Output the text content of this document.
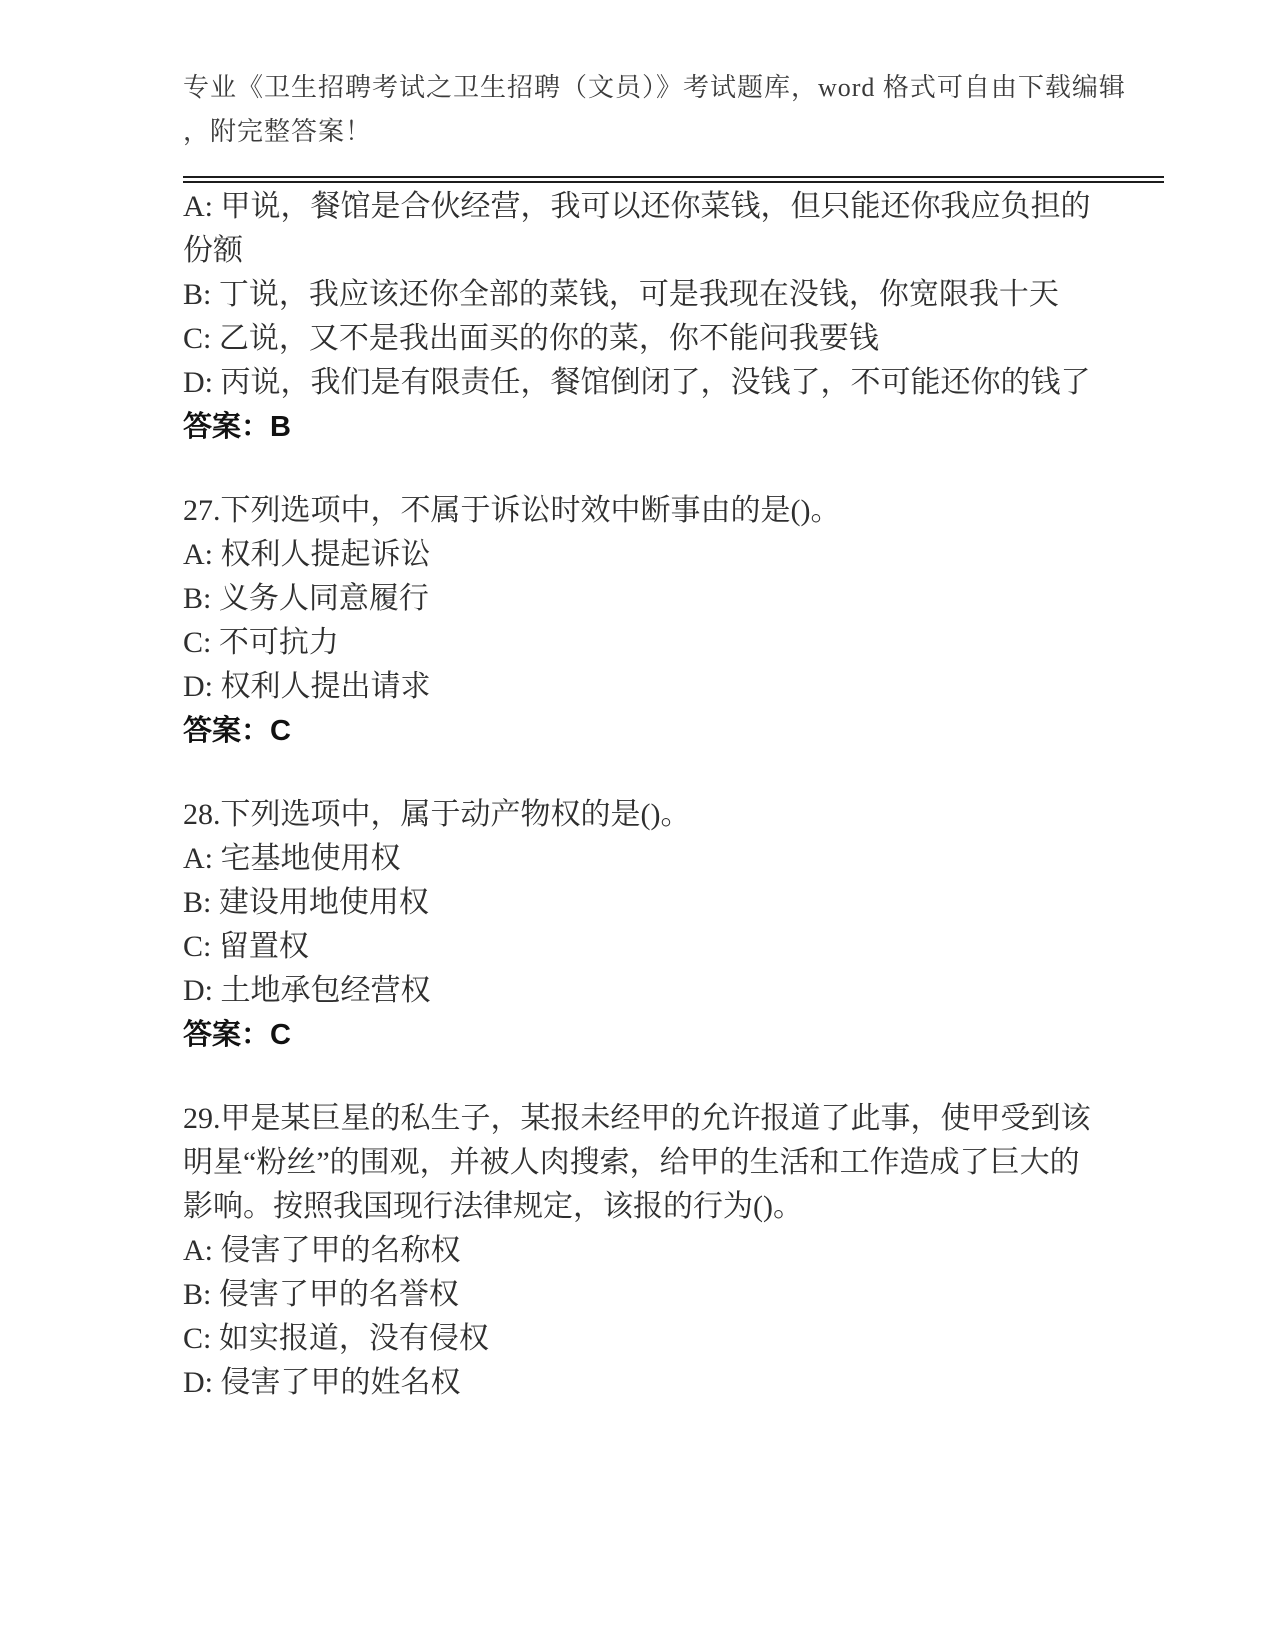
专业《卫生招聘考试之卫生招聘（文员）》考试题库，word 格式可自由下载编辑
，附完整答案！

A: 甲说，餐馆是合伙经营，我可以还你菜钱，但只能还你我应负担的份额

B: 丁说，我应该还你全部的菜钱，可是我现在没钱，你宽限我十天

C: 乙说，又不是我出面买的你的菜，你不能问我要钱

D: 丙说，我们是有限责任，餐馆倒闭了，没钱了，不可能还你的钱了

答案：B

27.下列选项中，不属于诉讼时效中断事由的是()。

A: 权利人提起诉讼

B: 义务人同意履行

C: 不可抗力

D: 权利人提出请求

答案：C

28.下列选项中，属于动产物权的是()。

A: 宅基地使用权

B: 建设用地使用权

C: 留置权

D: 土地承包经营权

答案：C

29.甲是某巨星的私生子，某报未经甲的允许报道了此事，使甲受到该明星“粉丝”的围观，并被人肉搜索，给甲的生活和工作造成了巨大的影响。按照我国现行法律规定，该报的行为()。

A: 侵害了甲的名称权

B: 侵害了甲的名誉权

C: 如实报道，没有侵权

D: 侵害了甲的姓名权
